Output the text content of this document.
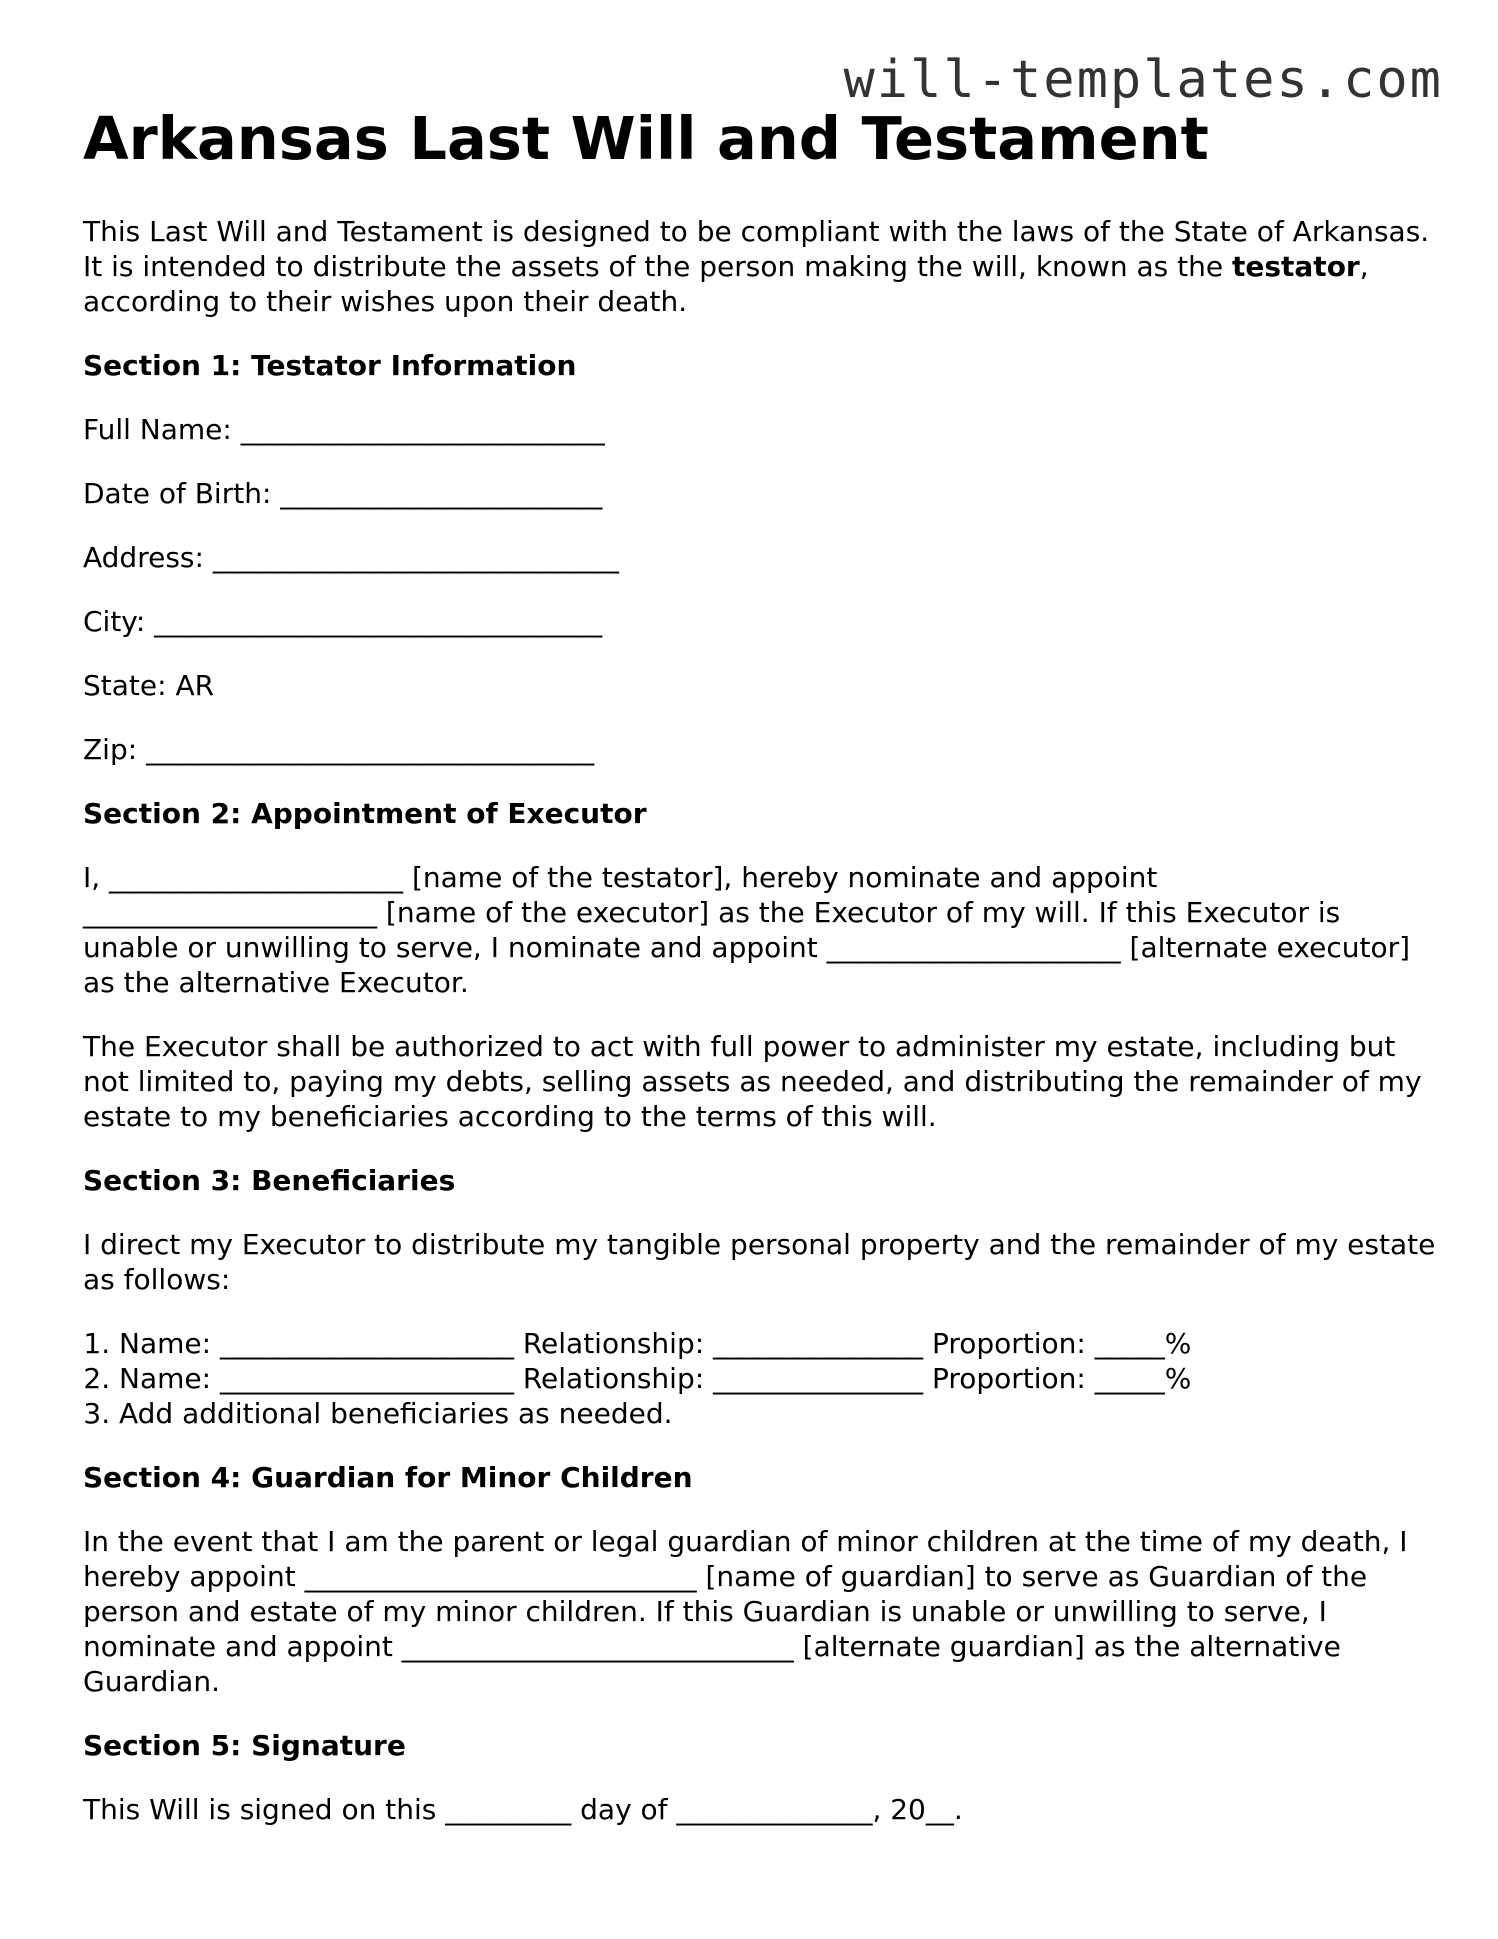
will-templates.com
Arkansas Last Will and Testament

This Last Will and Testament is designed to be compliant with the laws of the State of Arkansas. It is intended to distribute the assets of the person making the will, known as the testator, according to their wishes upon their death.

Section 1: Testator Information

Full Name: __________________________

Date of Birth: _______________________

Address: _____________________________

City: ________________________________

State: AR

Zip: ________________________________

Section 2: Appointment of Executor

I, _____________________ [name of the testator], hereby nominate and appoint _____________________ [name of the executor] as the Executor of my will. If this Executor is unable or unwilling to serve, I nominate and appoint _____________________ [alternate executor] as the alternative Executor.

The Executor shall be authorized to act with full power to administer my estate, including but not limited to, paying my debts, selling assets as needed, and distributing the remainder of my estate to my beneficiaries according to the terms of this will.

Section 3: Beneficiaries

I direct my Executor to distribute my tangible personal property and the remainder of my estate as follows:

1. Name: _____________________ Relationship: _______________ Proportion: _____%
2. Name: _____________________ Relationship: _______________ Proportion: _____%
3. Add additional beneficiaries as needed.
Section 4: Guardian for Minor Children

In the event that I am the parent or legal guardian of minor children at the time of my death, I hereby appoint ____________________________ [name of guardian] to serve as Guardian of the person and estate of my minor children. If this Guardian is unable or unwilling to serve, I nominate and appoint ____________________________ [alternate guardian] as the alternative Guardian.

Section 5: Signature

This Will is signed on this _________ day of ______________, 20__.
